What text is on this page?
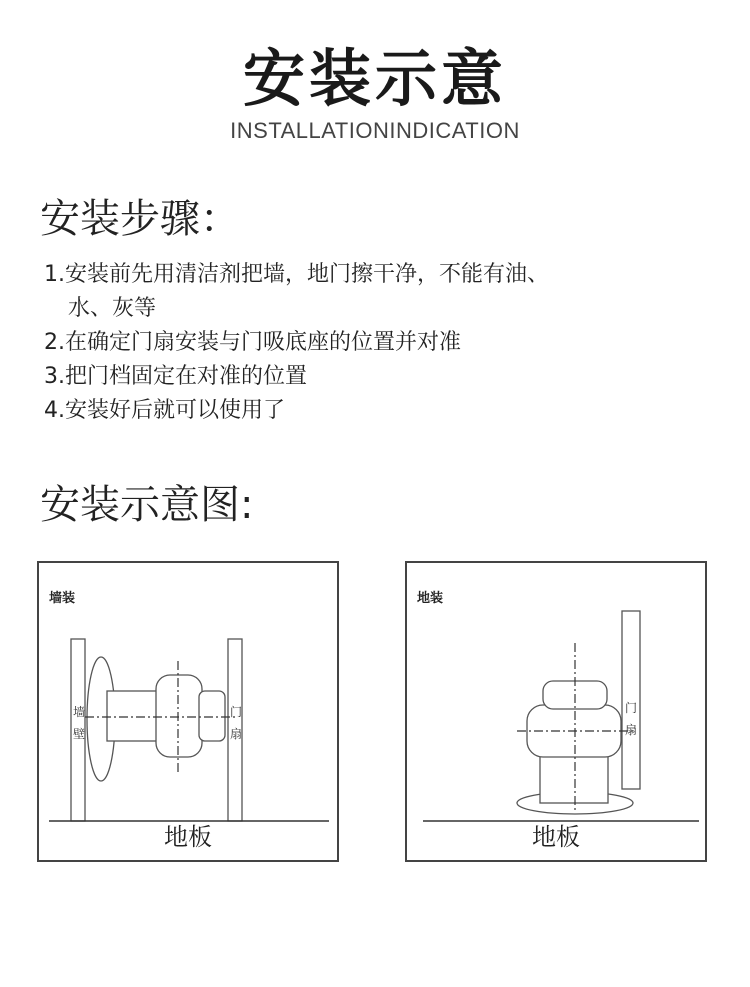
安装示意
INSTALLATIONINDICATION
安装步骤：
1.安装前先用清洁剂把墙，地门擦干净，不能有油、
水、灰等
2.在确定门扇安装与门吸底座的位置并对准
3.把门档固定在对准的位置
4.安装好后就可以使用了
安装示意图:
墙装
墙
壁
门
扇
地板
地装
门
扇
地板
